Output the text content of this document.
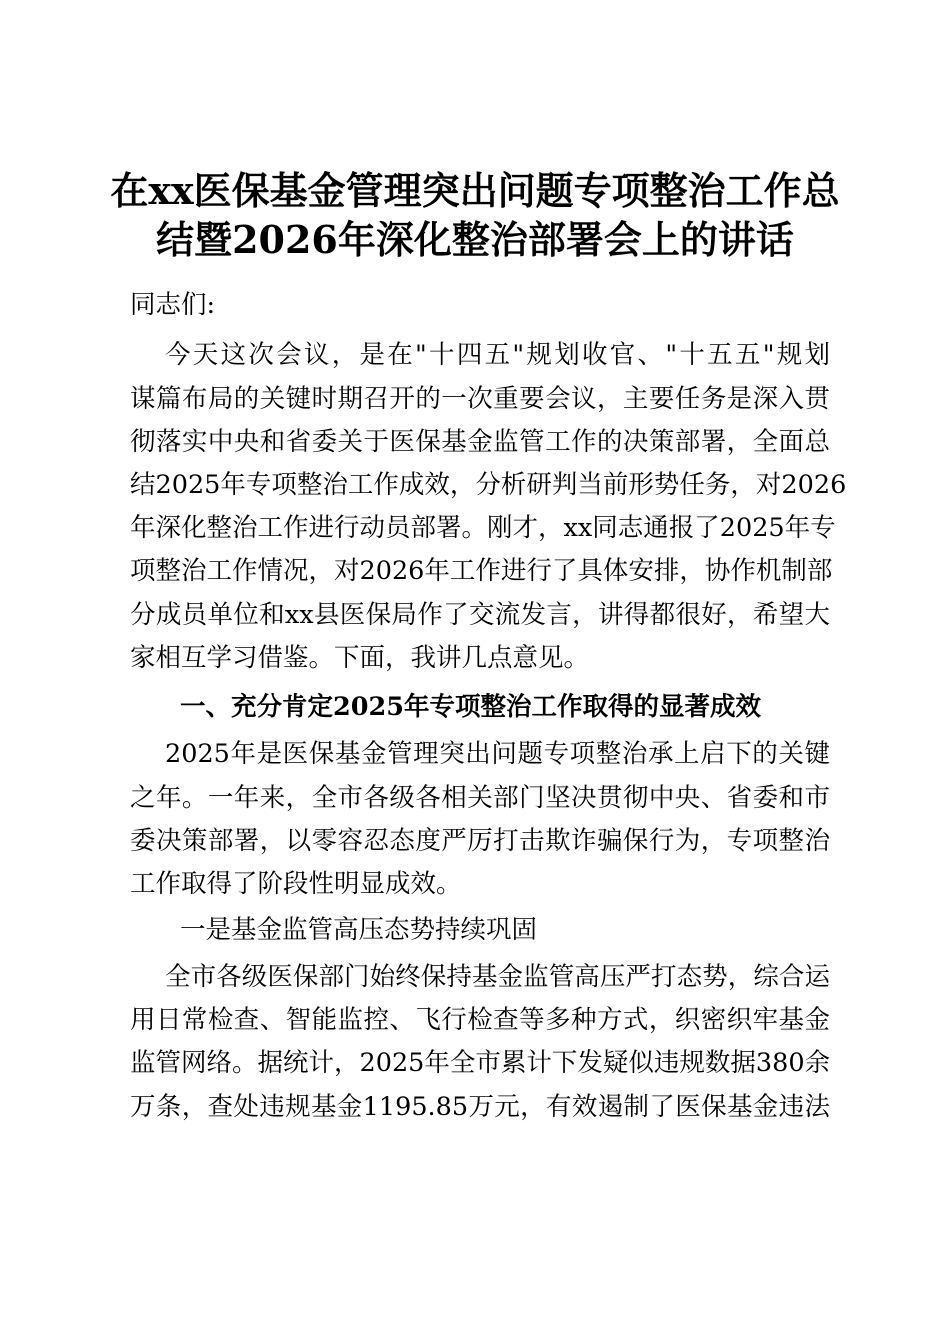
在xx医保基金管理突出问题专项整治工作总
结暨2026年深化整治部署会上的讲话
同志们:
今天这次会议，是在"十四五"规划收官、"十五五"规划
谋篇布局的关键时期召开的一次重要会议，主要任务是深入贯
彻落实中央和省委关于医保基金监管工作的决策部署，全面总
结2025年专项整治工作成效，分析研判当前形势任务，对2026
年深化整治工作进行动员部署。刚才，xx同志通报了2025年专
项整治工作情况，对2026年工作进行了具体安排，协作机制部
分成员单位和xx县医保局作了交流发言，讲得都很好，希望大
家相互学习借鉴。下面，我讲几点意见。
一、充分肯定2025年专项整治工作取得的显著成效
2025年是医保基金管理突出问题专项整治承上启下的关键
之年。一年来，全市各级各相关部门坚决贯彻中央、省委和市
委决策部署，以零容忍态度严厉打击欺诈骗保行为，专项整治
工作取得了阶段性明显成效。
一是基金监管高压态势持续巩固
全市各级医保部门始终保持基金监管高压严打态势，综合运
用日常检查、智能监控、飞行检查等多种方式，织密织牢基金
监管网络。据统计，2025年全市累计下发疑似违规数据380余
万条，查处违规基金1195.85万元，有效遏制了医保基金违法
